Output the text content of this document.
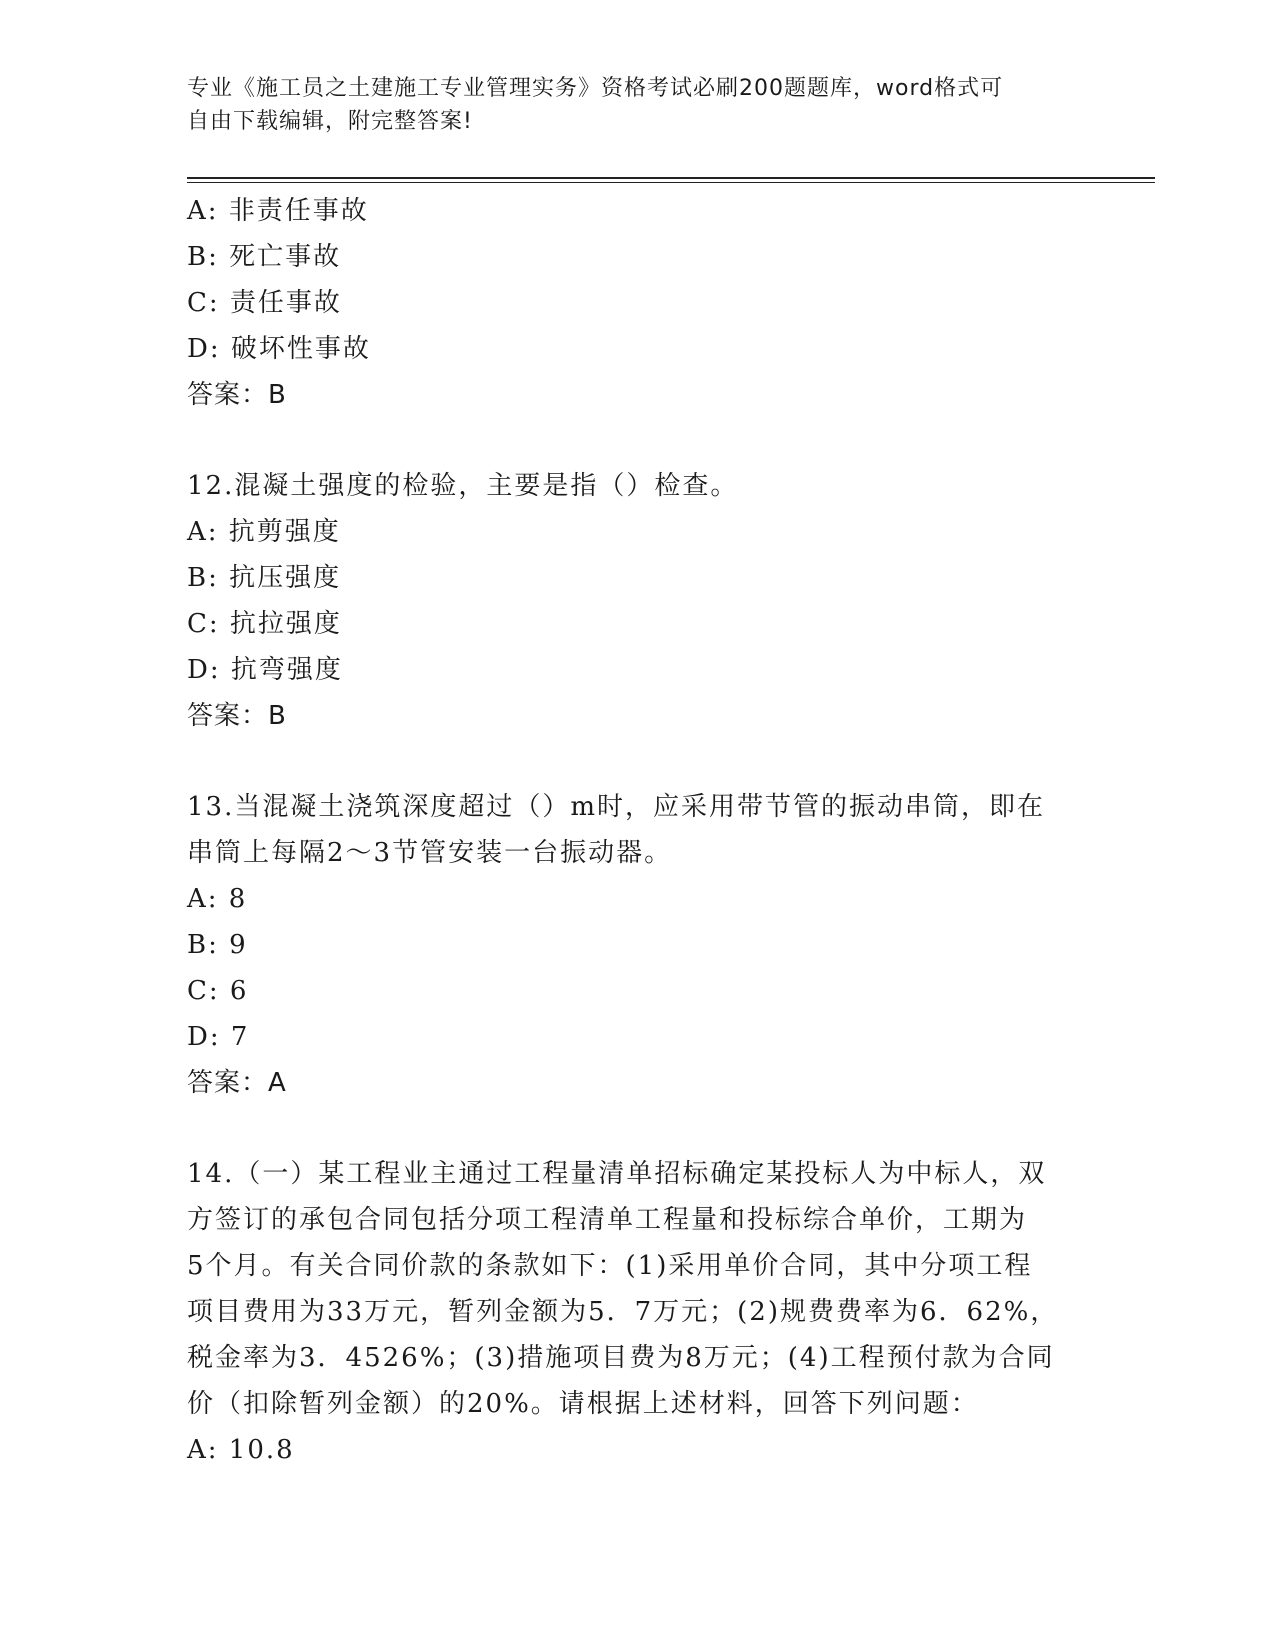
专业《施工员之土建施工专业管理实务》资格考试必刷200题题库，word格式可
自由下载编辑，附完整答案!
A: 非责任事故
B: 死亡事故
C: 责任事故
D: 破坏性事故
答案：B
12.混凝土强度的检验，主要是指（）检查。
A: 抗剪强度
B: 抗压强度
C: 抗拉强度
D: 抗弯强度
答案：B
13.当混凝土浇筑深度超过（）m时，应采用带节管的振动串筒，即在
串筒上每隔2～3节管安装一台振动器。
A: 8
B: 9
C: 6
D: 7
答案：A
14.（一）某工程业主通过工程量清单招标确定某投标人为中标人，双
方签订的承包合同包括分项工程清单工程量和投标综合单价，工期为
5个月。有关合同价款的条款如下：(1)采用单价合同，其中分项工程
项目费用为33万元，暂列金额为5．7万元；(2)规费费率为6．62%，
税金率为3．4526%；(3)措施项目费为8万元；(4)工程预付款为合同
价（扣除暂列金额）的20%。请根据上述材料，回答下列问题：
A: 10.8
